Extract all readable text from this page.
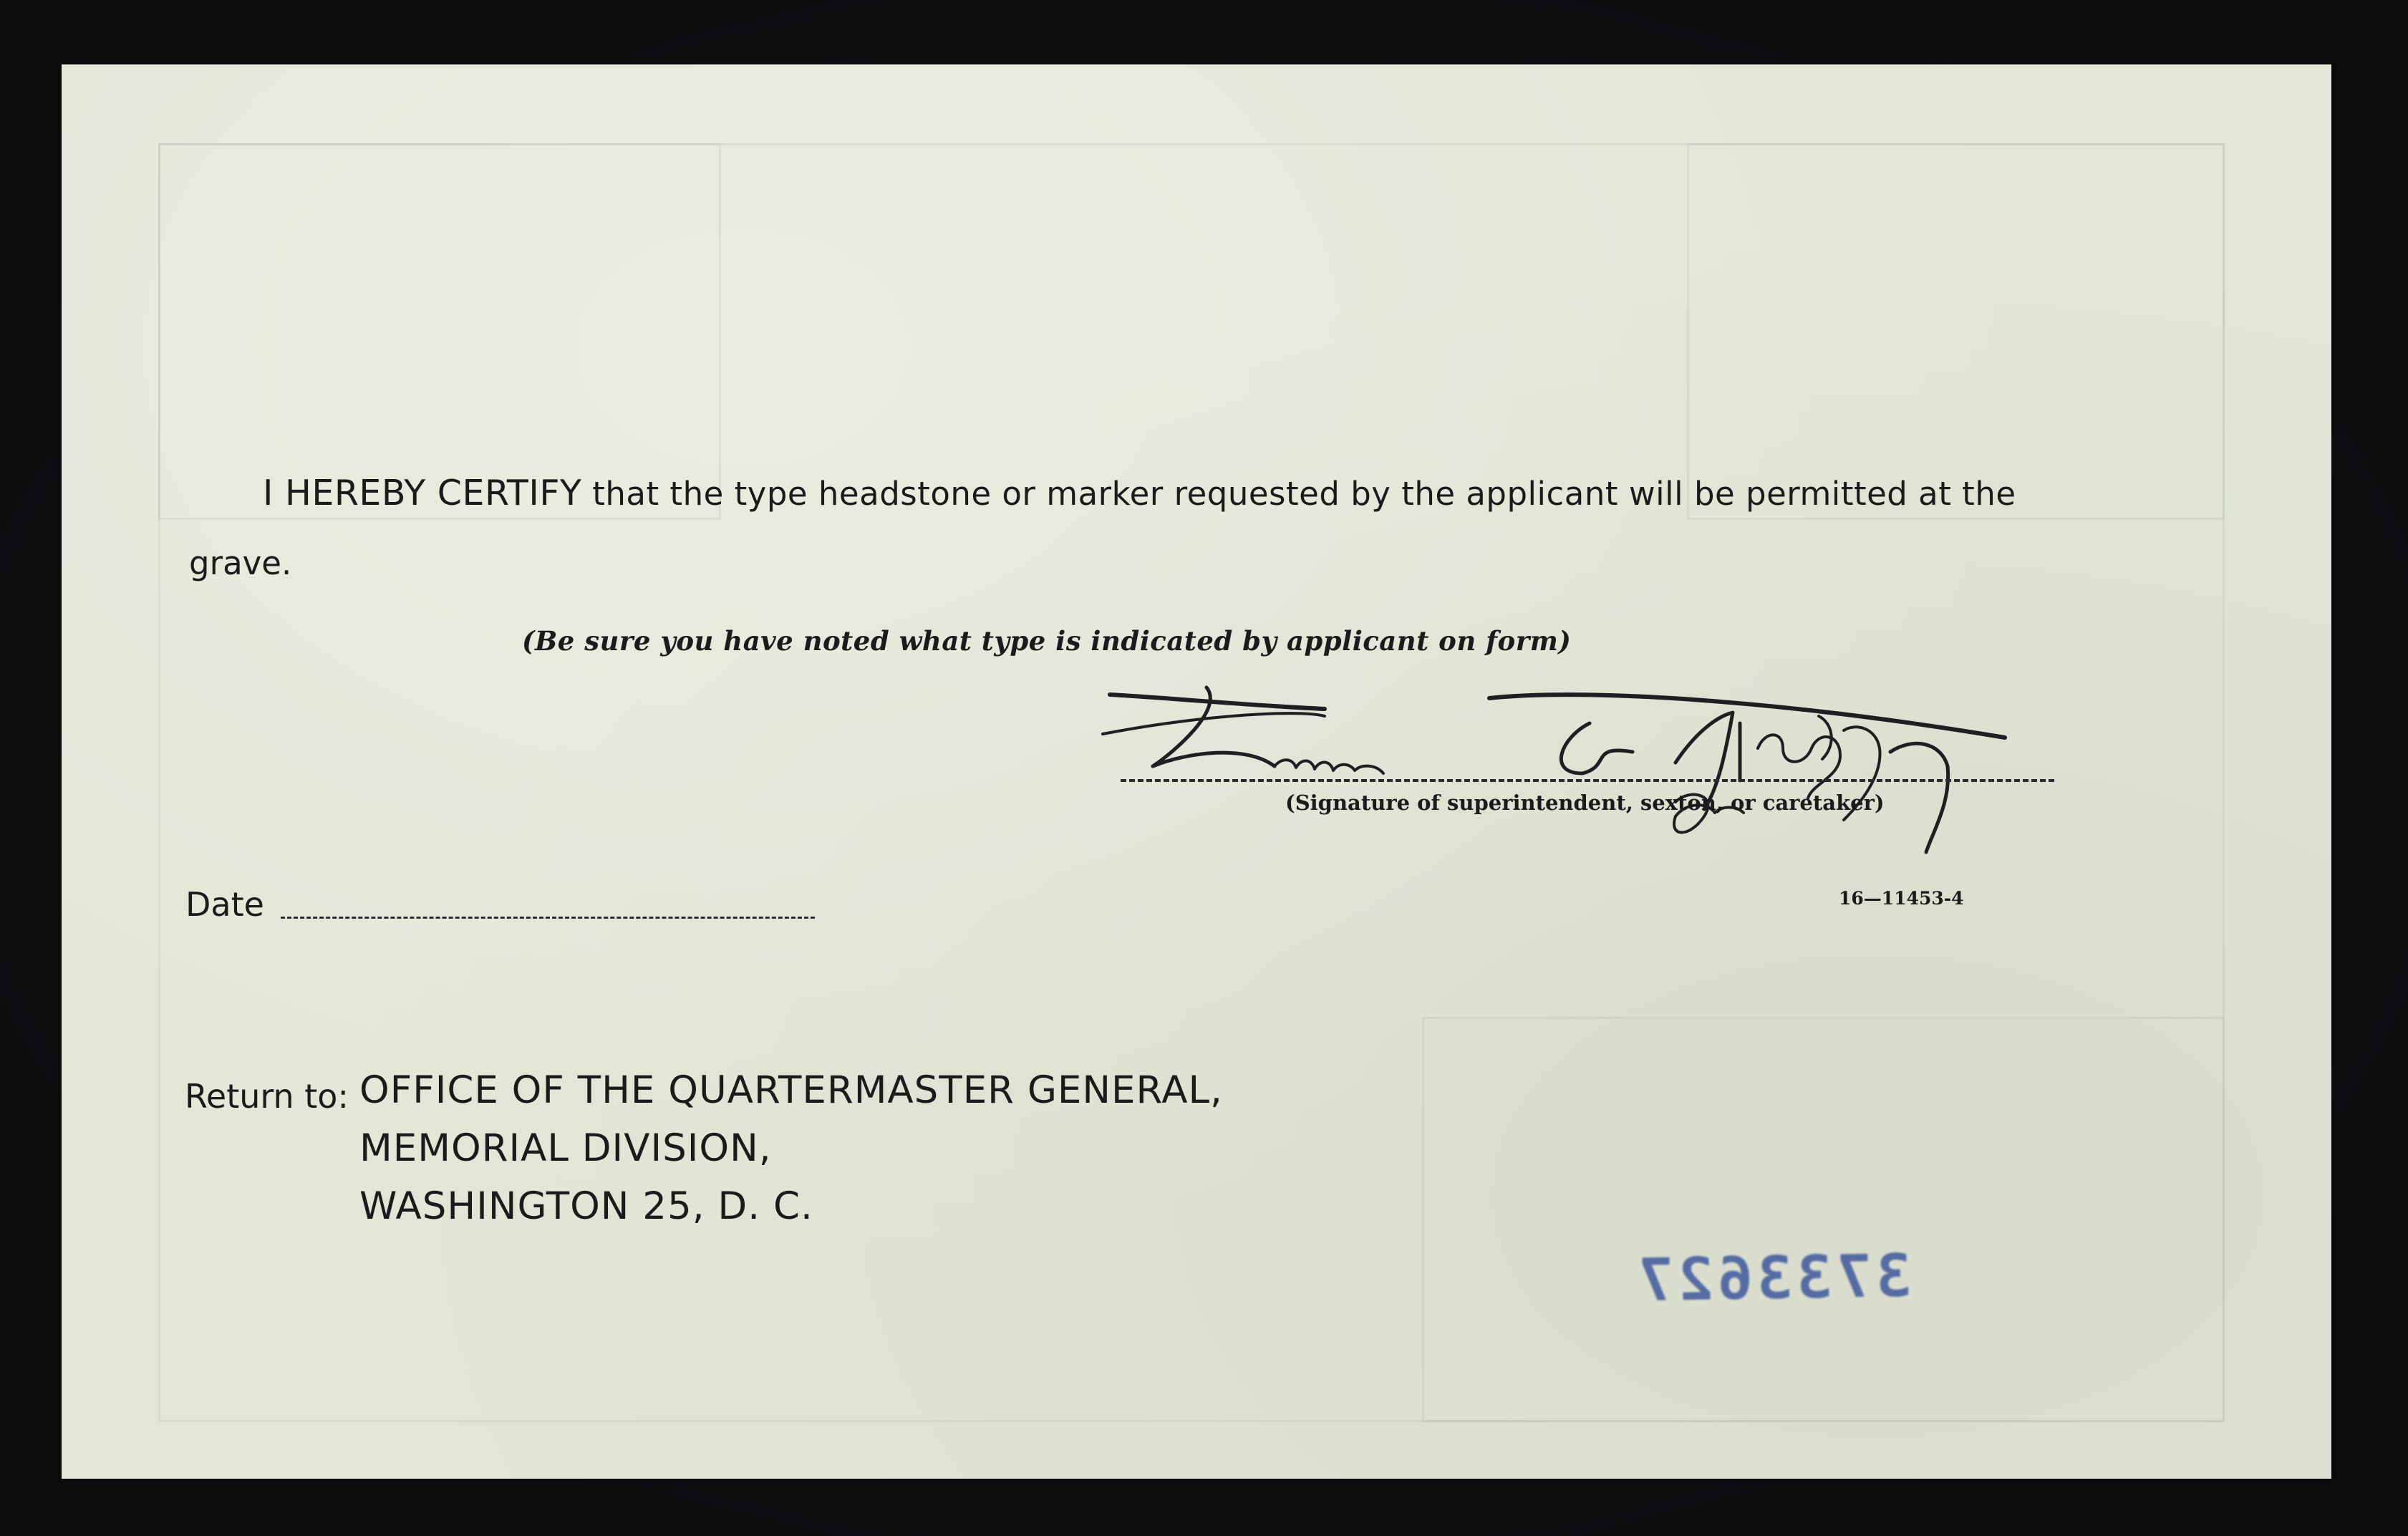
I HEREBY CERTIFY that the type headstone or marker requested by the applicant will be permitted at the
grave.
(Be sure you have noted what type is indicated by applicant on form)
(Signature of superintendent, sexton, or caretaker)
16—11453-4
Date
Return to: OFFICE OF THE QUARTERMASTER GENERAL,
MEMORIAL DIVISION,
WASHINGTON 25, D. C.
3733627
